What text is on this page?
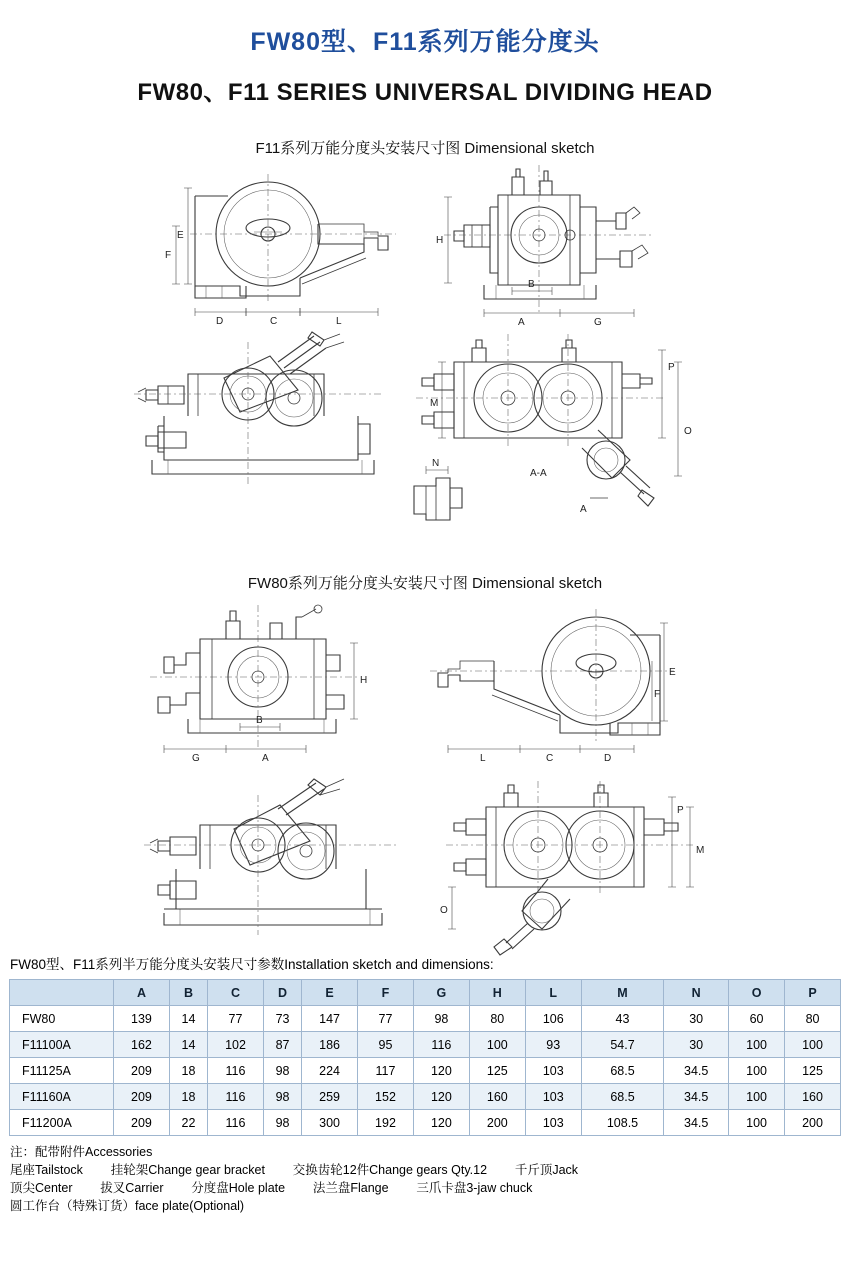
FW80型、F11系列万能分度头
FW80、F11 SERIES UNIVERSAL DIVIDING HEAD
F11系列万能分度头安装尺寸图 Dimensional sketch
E
F
D	C	L
H
B
A	G
M
P
O
A-A
A
N
FW80系列万能分度头安装尺寸图 Dimensional sketch
H
B
A
G
E
F
L	C	D
P
O
M
FW80型、F11系列半万能分度头安装尺寸参数Installation sketch and dimensions:
	A	B	C	D	E	F	G	H	L	M	N	O	P
FW80	139	14	77	73	147	77	98	80	106	43	30	60	80
F11100A	162	14	102	87	186	95	116	100	93	54.7	30	100	100
F11125A	209	18	116	98	224	117	120	125	103	68.5	34.5	100	125
F11160A	209	18	116	98	259	152	120	160	103	68.5	34.5	100	160
F11200A	209	22	116	98	300	192	120	200	103	108.5	34.5	100	200
注：配带附件Accessories
尾座Tailstock        挂轮架Change gear bracket        交换齿轮12件Change gears Qty.12        千斤顶Jack
顶尖Center        拔叉Carrier        分度盘Hole plate        法兰盘Flange        三爪卡盘3-jaw chuck
圆工作台（特殊订货）face plate(Optional)
